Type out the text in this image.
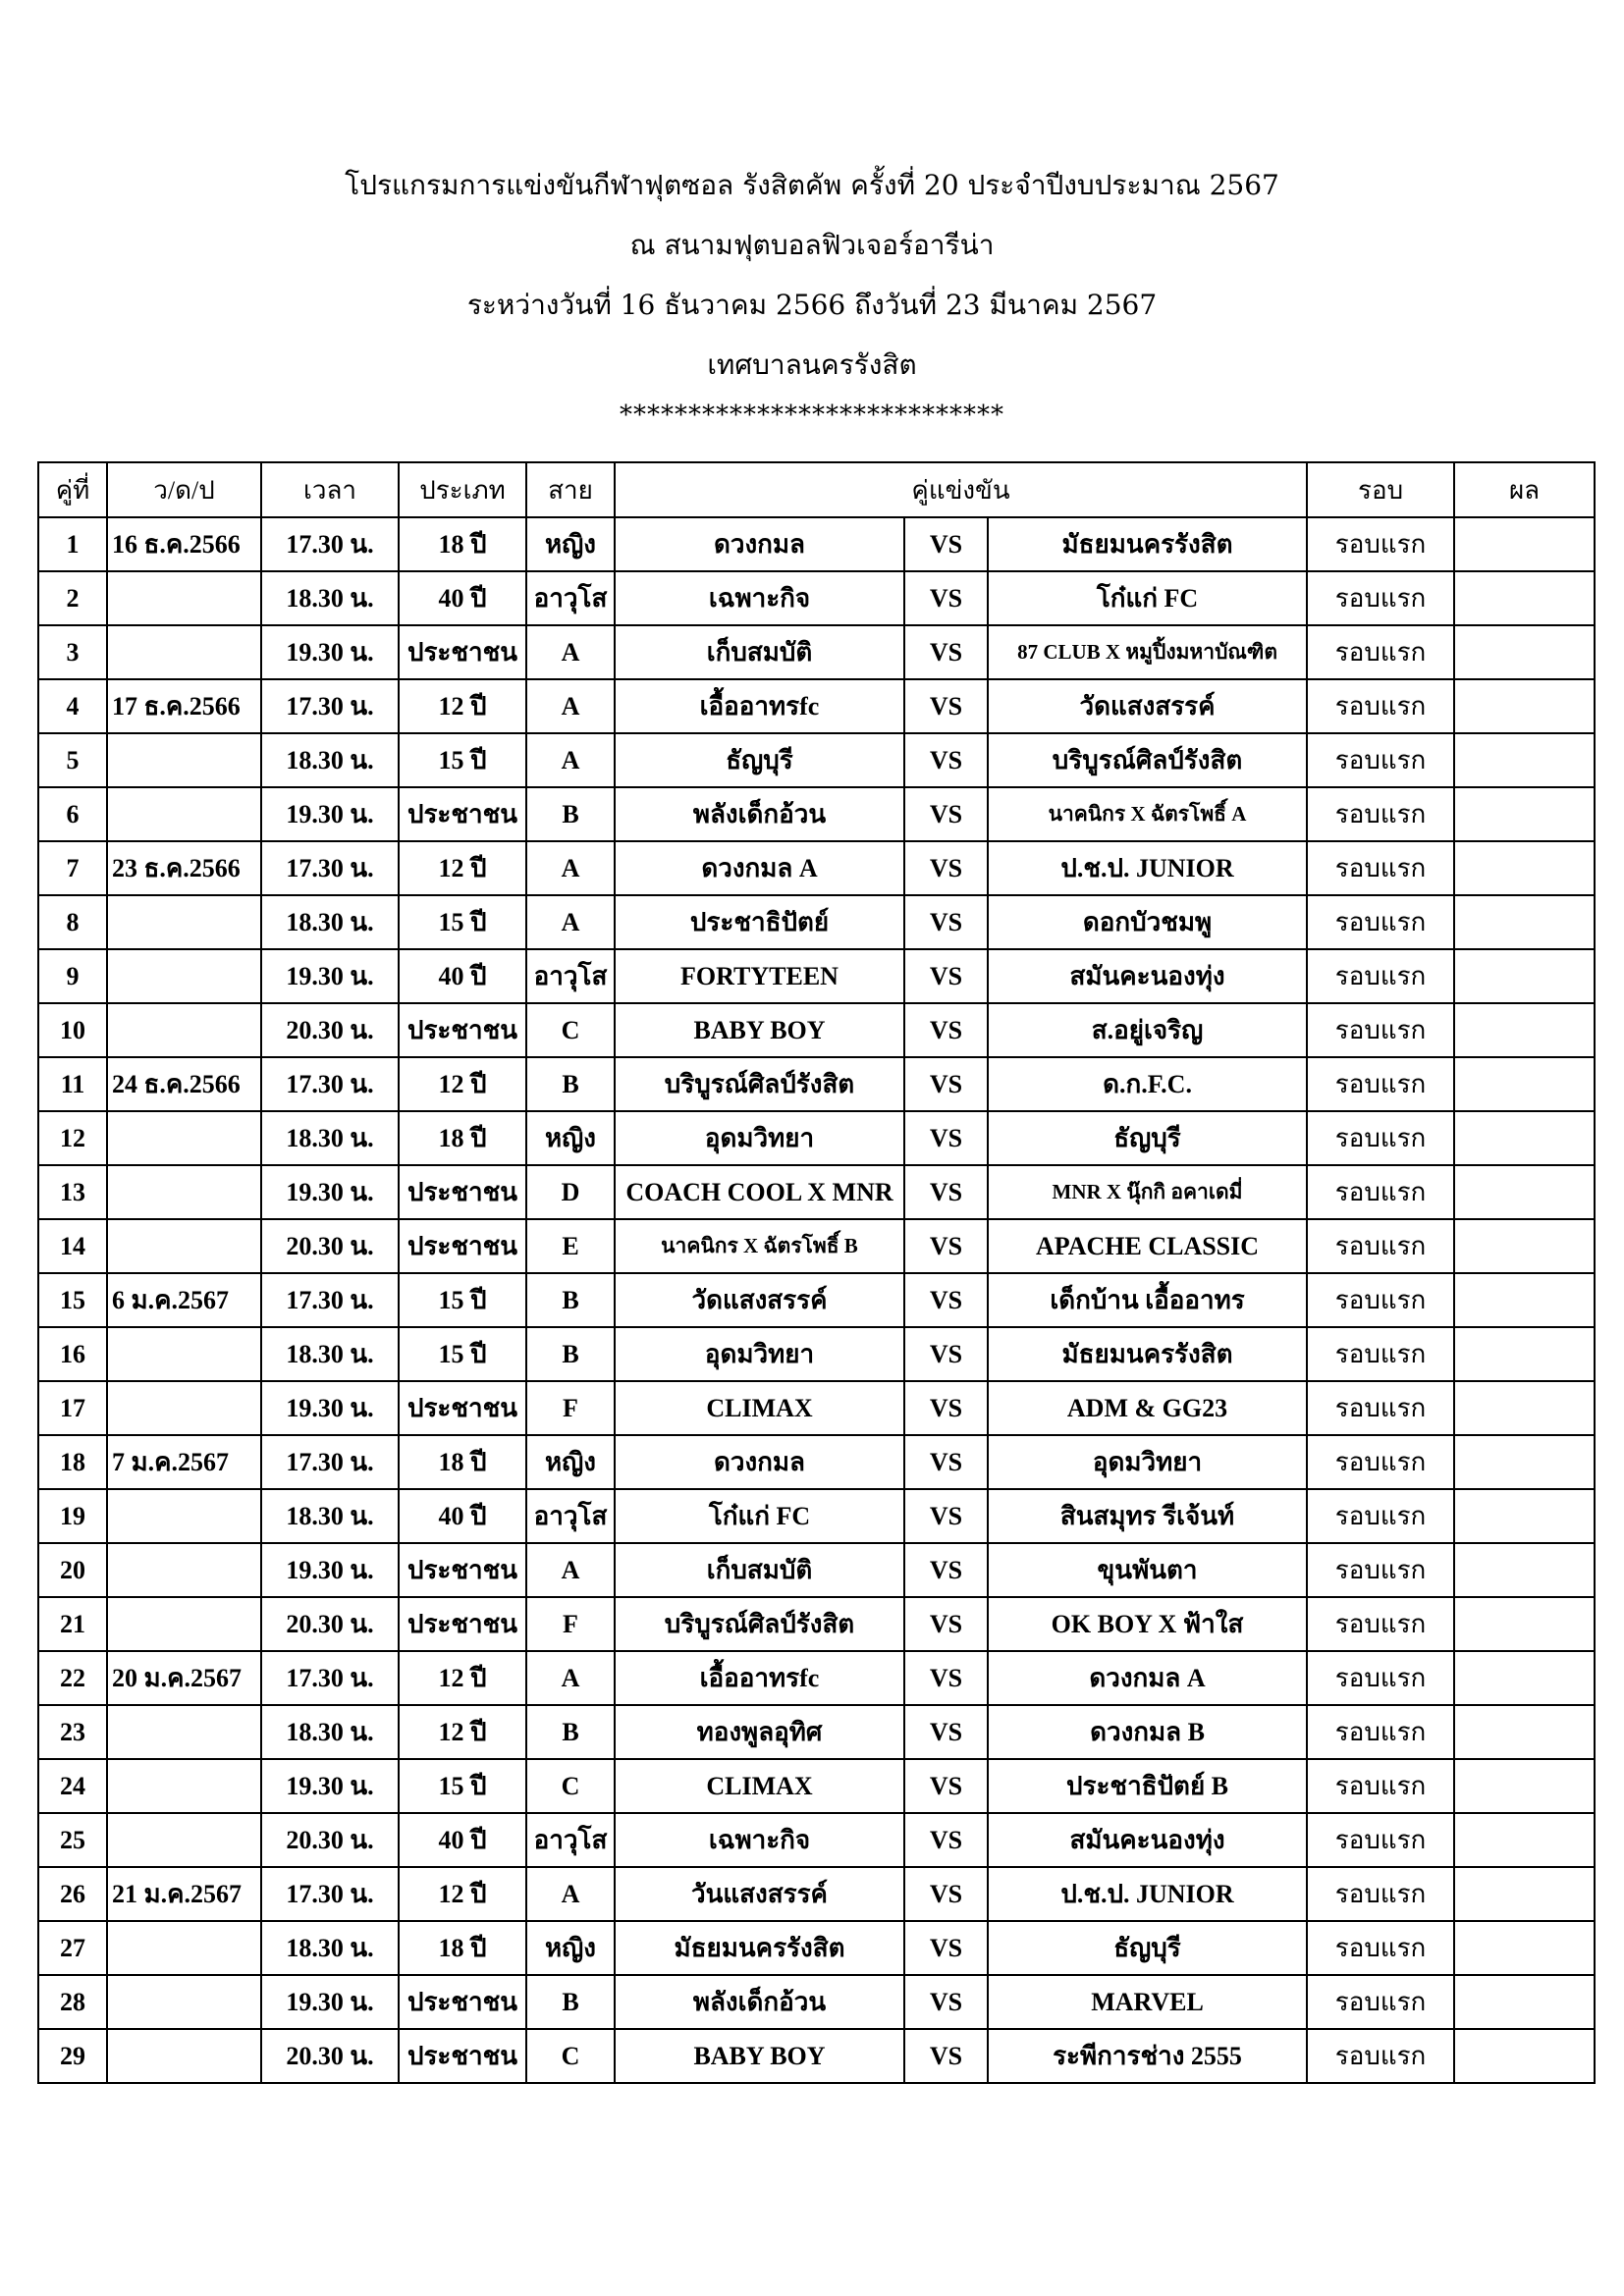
โปรแกรมการแข่งขันกีฬาฟุตซอล รังสิตคัพ ครั้งที่ 20 ประจำปีงบประมาณ 2567
ณ สนามฟุตบอลฟิวเจอร์อารีน่า
ระหว่างวันที่ 16 ธันวาคม 2566 ถึงวันที่ 23 มีนาคม 2567
เทศบาลนครรังสิต
****************************
คู่ที่	ว/ด/ป	เวลา	ประเภท	สาย	คู่แข่งขัน			รอบ	ผล
1	16 ธ.ค.2566	17.30 น.	18 ปี	หญิง	ดวงกมล	VS	มัธยมนครรังสิต	รอบแรก	
2		18.30 น.	40 ปี	อาวุโส	เฉพาะกิจ	VS	โก๋แก่ FC	รอบแรก	
3		19.30 น.	ประชาชน	A	เก็บสมบัติ	VS	87 CLUB X หมูปิ้งมหาบัณฑิต	รอบแรก	
4	17 ธ.ค.2566	17.30 น.	12 ปี	A	เอื้ออาทรfc	VS	วัดแสงสรรค์	รอบแรก	
5		18.30 น.	15 ปี	A	ธัญบุรี	VS	บริบูรณ์ศิลป์รังสิต	รอบแรก	
6		19.30 น.	ประชาชน	B	พลังเด็กอ้วน	VS	นาคนิกร X ฉัตรโพธิ์ A	รอบแรก	
7	23 ธ.ค.2566	17.30 น.	12 ปี	A	ดวงกมล A	VS	ป.ช.ป. JUNIOR	รอบแรก	
8		18.30 น.	15 ปี	A	ประชาธิปัตย์	VS	ดอกบัวชมพู	รอบแรก	
9		19.30 น.	40 ปี	อาวุโส	FORTYTEEN	VS	สมันคะนองทุ่ง	รอบแรก	
10		20.30 น.	ประชาชน	C	BABY BOY	VS	ส.อยู่เจริญ	รอบแรก	
11	24 ธ.ค.2566	17.30 น.	12 ปี	B	บริบูรณ์ศิลป์รังสิต	VS	ด.ก.F.C.	รอบแรก	
12		18.30 น.	18 ปี	หญิง	อุดมวิทยา	VS	ธัญบุรี	รอบแรก	
13		19.30 น.	ประชาชน	D	COACH COOL X MNR	VS	MNR X นุ๊กกิ อคาเดมี่	รอบแรก	
14		20.30 น.	ประชาชน	E	นาคนิกร X ฉัตรโพธิ์ B	VS	APACHE CLASSIC	รอบแรก	
15	6 ม.ค.2567	17.30 น.	15 ปี	B	วัดแสงสรรค์	VS	เด็กบ้าน เอื้ออาทร	รอบแรก	
16		18.30 น.	15 ปี	B	อุดมวิทยา	VS	มัธยมนครรังสิต	รอบแรก	
17		19.30 น.	ประชาชน	F	CLIMAX	VS	ADM & GG23	รอบแรก	
18	7 ม.ค.2567	17.30 น.	18 ปี	หญิง	ดวงกมล	VS	อุดมวิทยา	รอบแรก	
19		18.30 น.	40 ปี	อาวุโส	โก๋แก่ FC	VS	สินสมุทร รีเจ้นท์	รอบแรก	
20		19.30 น.	ประชาชน	A	เก็บสมบัติ	VS	ขุนพันตา	รอบแรก	
21		20.30 น.	ประชาชน	F	บริบูรณ์ศิลป์รังสิต	VS	OK BOY X ฟ้าใส	รอบแรก	
22	20 ม.ค.2567	17.30 น.	12 ปี	A	เอื้ออาทรfc	VS	ดวงกมล A	รอบแรก	
23		18.30 น.	12 ปี	B	ทองพูลอุทิศ	VS	ดวงกมล B	รอบแรก	
24		19.30 น.	15 ปี	C	CLIMAX	VS	ประชาธิปัตย์ B	รอบแรก	
25		20.30 น.	40 ปี	อาวุโส	เฉพาะกิจ	VS	สมันคะนองทุ่ง	รอบแรก	
26	21 ม.ค.2567	17.30 น.	12 ปี	A	วันแสงสรรค์	VS	ป.ช.ป. JUNIOR	รอบแรก	
27		18.30 น.	18 ปี	หญิง	มัธยมนครรังสิต	VS	ธัญบุรี	รอบแรก	
28		19.30 น.	ประชาชน	B	พลังเด็กอ้วน	VS	MARVEL	รอบแรก	
29		20.30 น.	ประชาชน	C	BABY BOY	VS	ระพีการช่าง 2555	รอบแรก	
